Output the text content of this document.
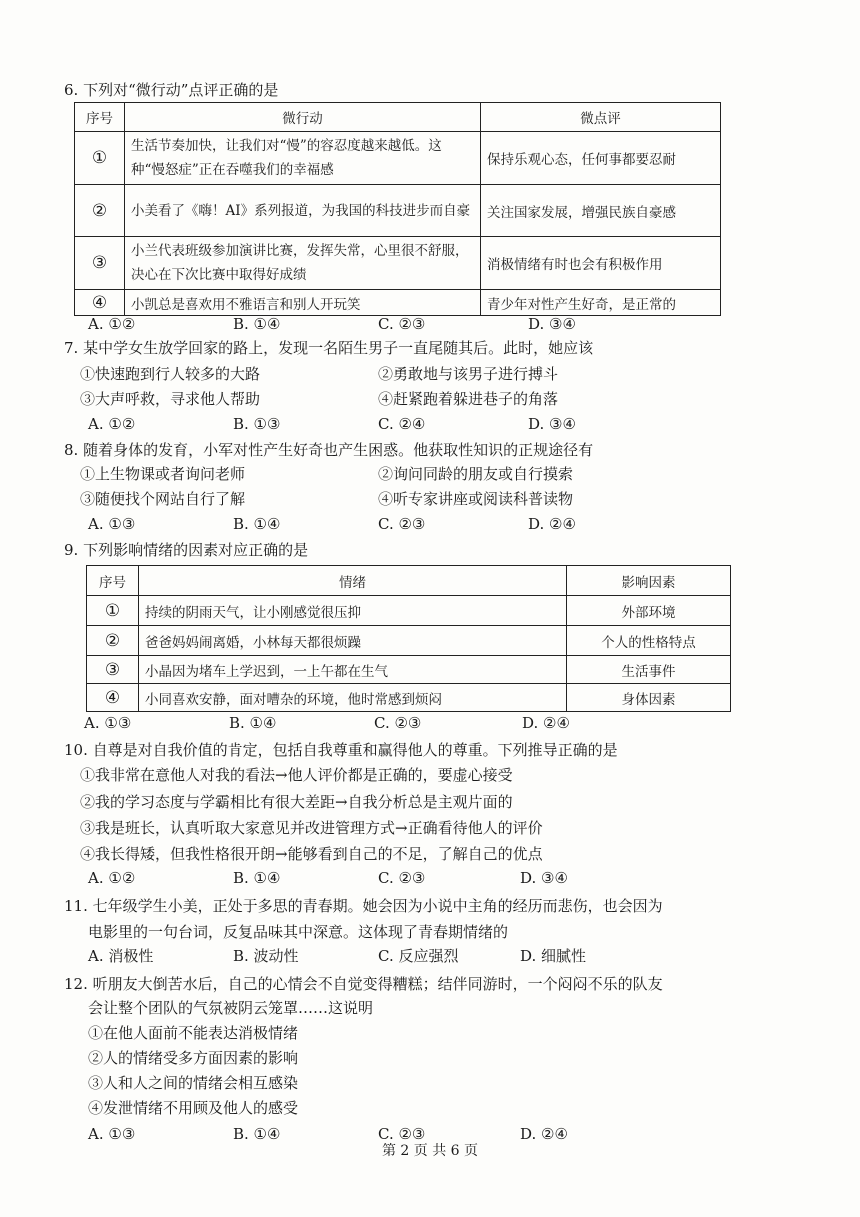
6. 下列对“微行动”点评正确的是
序号	微行动	微点评
①	生活节奏加快，让我们对“慢”的容忍度越来越低。这种“慢怒症”正在吞噬我们的幸福感	保持乐观心态，任何事都要忍耐
②	小美看了《嗨！AI》系列报道，为我国的科技进步而自豪	关注国家发展，增强民族自豪感
③	小兰代表班级参加演讲比赛，发挥失常，心里很不舒服，决心在下次比赛中取得好成绩	消极情绪有时也会有积极作用
④	小凯总是喜欢用不雅语言和别人开玩笑	青少年对性产生好奇，是正常的
A. ①②	B. ①④	C. ②③	D. ③④
7. 某中学女生放学回家的路上，发现一名陌生男子一直尾随其后。此时，她应该
①快速跑到行人较多的大路	②勇敢地与该男子进行搏斗
③大声呼救，寻求他人帮助	④赶紧跑着躲进巷子的角落
A. ①②	B. ①③	C. ②④	D. ③④
8. 随着身体的发育，小军对性产生好奇也产生困惑。他获取性知识的正规途径有
①上生物课或者询问老师	②询问同龄的朋友或自行摸索
③随便找个网站自行了解	④听专家讲座或阅读科普读物
A. ①③	B. ①④	C. ②③	D. ②④
9. 下列影响情绪的因素对应正确的是
序号	情绪	影响因素
①	持续的阴雨天气，让小刚感觉很压抑	外部环境
②	爸爸妈妈闹离婚，小林每天都很烦躁	个人的性格特点
③	小晶因为堵车上学迟到，一上午都在生气	生活事件
④	小同喜欢安静，面对嘈杂的环境，他时常感到烦闷	身体因素
A. ①③	B. ①④	C. ②③	D. ②④
10. 自尊是对自我价值的肯定，包括自我尊重和赢得他人的尊重。下列推导正确的是
①我非常在意他人对我的看法→他人评价都是正确的，要虚心接受
②我的学习态度与学霸相比有很大差距→自我分析总是主观片面的
③我是班长，认真听取大家意见并改进管理方式→正确看待他人的评价
④我长得矮，但我性格很开朗→能够看到自己的不足，了解自己的优点
A. ①②	B. ①④	C. ②③	D. ③④
11. 七年级学生小美，正处于多思的青春期。她会因为小说中主角的经历而悲伤，也会因为
电影里的一句台词，反复品味其中深意。这体现了青春期情绪的
A. 消极性	B. 波动性	C. 反应强烈	D. 细腻性
12. 听朋友大倒苦水后，自己的心情会不自觉变得糟糕；结伴同游时，一个闷闷不乐的队友
会让整个团队的气氛被阴云笼罩……这说明
①在他人面前不能表达消极情绪
②人的情绪受多方面因素的影响
③人和人之间的情绪会相互感染
④发泄情绪不用顾及他人的感受
A. ①③	B. ①④	C. ②③	D. ②④
第 2 页 共 6 页
